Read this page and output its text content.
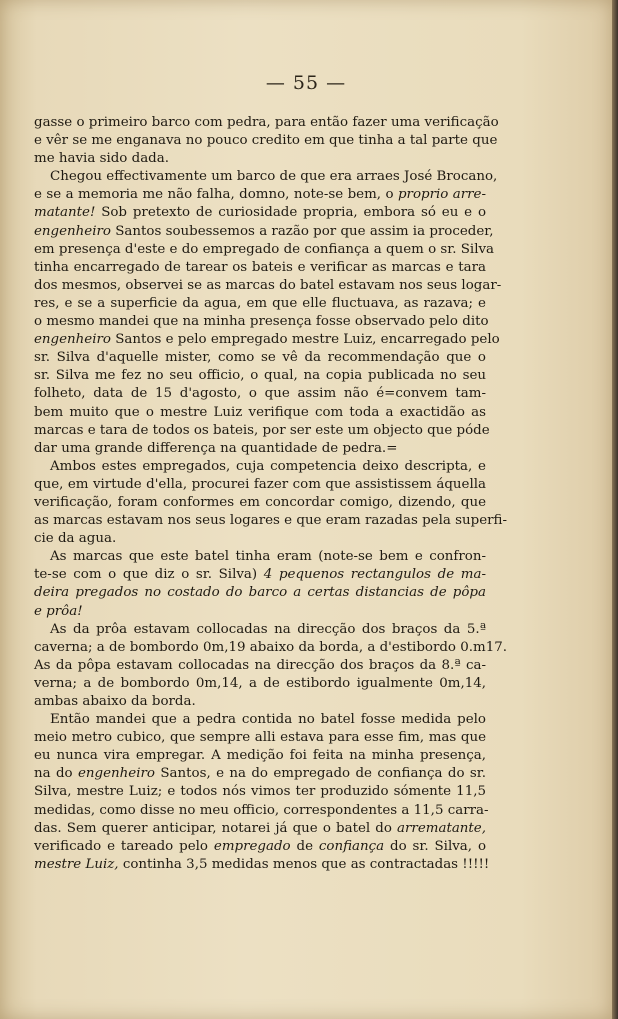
— 55 —
gasse o primeiro barco com pedra, para então fazer uma verificação
e vêr se me enganava no pouco credito em que tinha a tal parte que
me havia sido dada.
Chegou effectivamente um barco de que era arraes José Brocano,
e se a memoria me não falha, domno, note-se bem, o proprio arre-
matante! Sob pretexto de curiosidade propria, embora só eu e o
engenheiro Santos soubessemos a razão por que assim ia proceder,
em presença d'este e do empregado de confiança a quem o sr. Silva
tinha encarregado de tarear os bateis e verificar as marcas e tara
dos mesmos, observei se as marcas do batel estavam nos seus logar-
res, e se a superficie da agua, em que elle fluctuava, as razava; e
o mesmo mandei que na minha presença fosse observado pelo dito
engenheiro Santos e pelo empregado mestre Luiz, encarregado pelo
sr. Silva d'aquelle mister, como se vê da recommendação que o
sr. Silva me fez no seu officio, o qual, na copia publicada no seu
folheto, data de 15 d'agosto, o que assim não é=convem tam-
bem muito que o mestre Luiz verifique com toda a exactidão as
marcas e tara de todos os bateis, por ser este um objecto que póde
dar uma grande differença na quantidade de pedra.=
Ambos estes empregados, cuja competencia deixo descripta, e
que, em virtude d'ella, procurei fazer com que assistissem áquella
verificação, foram conformes em concordar comigo, dizendo, que
as marcas estavam nos seus logares e que eram razadas pela superfi-
cie da agua.
As marcas que este batel tinha eram (note-se bem e confron-
te-se com o que diz o sr. Silva) 4 pequenos rectangulos de ma-
deira pregados no costado do barco a certas distancias de pôpa
e prôa!
As da prôa estavam collocadas na direcção dos braços da 5.ª
caverna; a de bombordo 0m,19 abaixo da borda, a d'estibordo 0.m17.
As da pôpa estavam collocadas na direcção dos braços da 8.ª ca-
verna; a de bombordo 0m,14, a de estibordo igualmente 0m,14,
ambas abaixo da borda.
Então mandei que a pedra contida no batel fosse medida pelo
meio metro cubico, que sempre alli estava para esse fim, mas que
eu nunca vira empregar. A medição foi feita na minha presença,
na do engenheiro Santos, e na do empregado de confiança do sr.
Silva, mestre Luiz; e todos nós vimos ter produzido sómente 11,5
medidas, como disse no meu officio, correspondentes a 11,5 carra-
das. Sem querer anticipar, notarei já que o batel do arrematante,
verificado e tareado pelo empregado de confiança do sr. Silva, o
mestre Luiz, continha 3,5 medidas menos que as contractadas !!!!!
